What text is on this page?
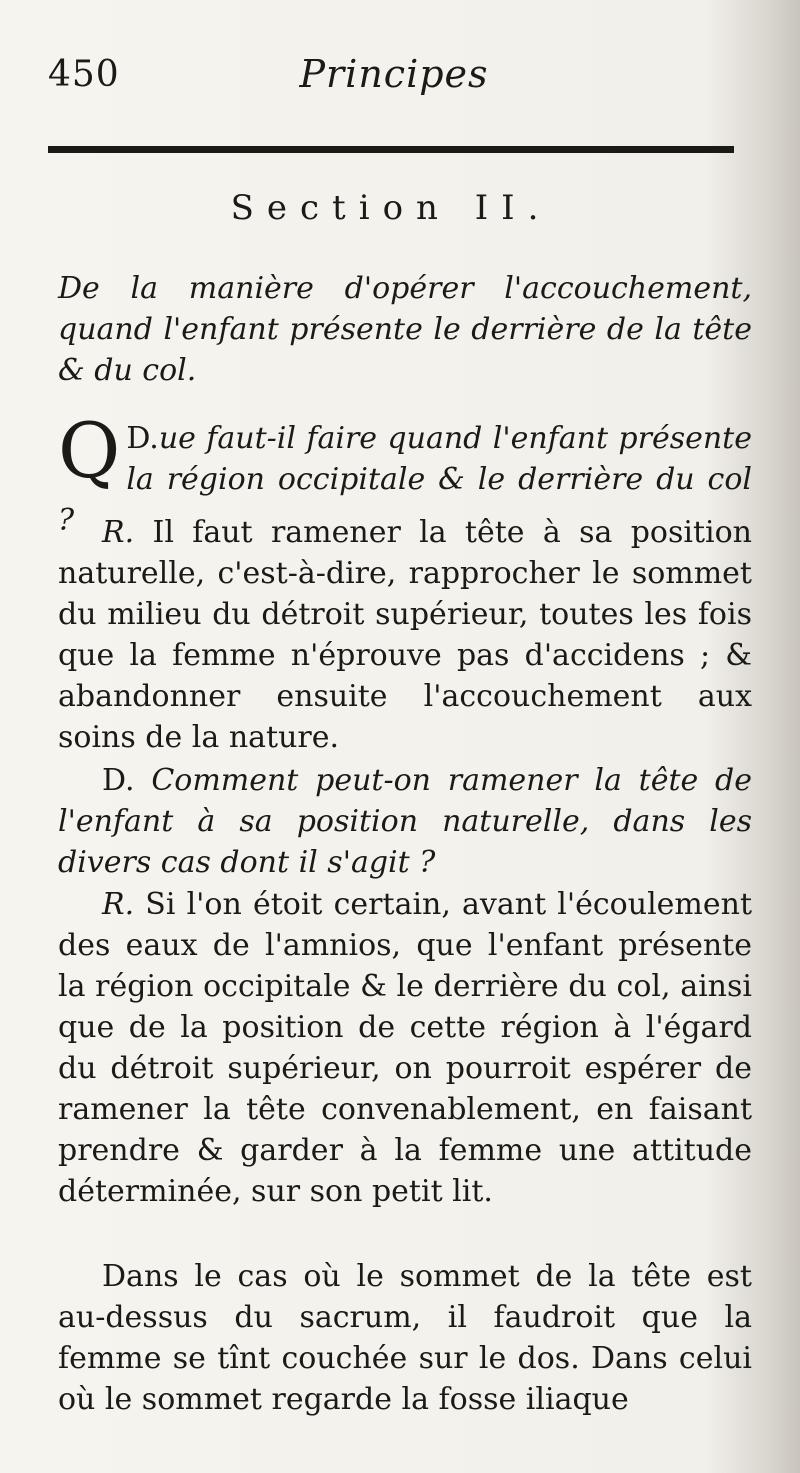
450	Principes
Section II.
De la manière d'opérer l'accouchement, quand l'enfant présente le derrière de la tête & du col.
D.
Q ue faut-il faire quand l'enfant présente la région occipitale & le derrière du col ? R. Il faut ramener la tête à sa position naturelle, c'est-à-dire, rapprocher le sommet du milieu du détroit supérieur, toutes les fois que la femme n'éprouve pas d'accidens ; & abandonner ensuite l'accouchement aux soins de la nature.
D. Comment peut-on ramener la tête de l'enfant à sa position naturelle, dans les divers cas dont il s'agit ?
R. Si l'on étoit certain, avant l'écoulement des eaux de l'amnios, que l'enfant présente la région occipitale & le derrière du col, ainsi que de la position de cette région à l'égard du détroit supérieur, on pourroit espérer de ramener la tête convenablement, en faisant prendre & garder à la femme une attitude déterminée, sur son petit lit.
Dans le cas où le sommet de la tête est au-dessus du sacrum, il faudroit que la femme se tînt couchée sur le dos. Dans celui où le sommet regarde la fosse iliaque
